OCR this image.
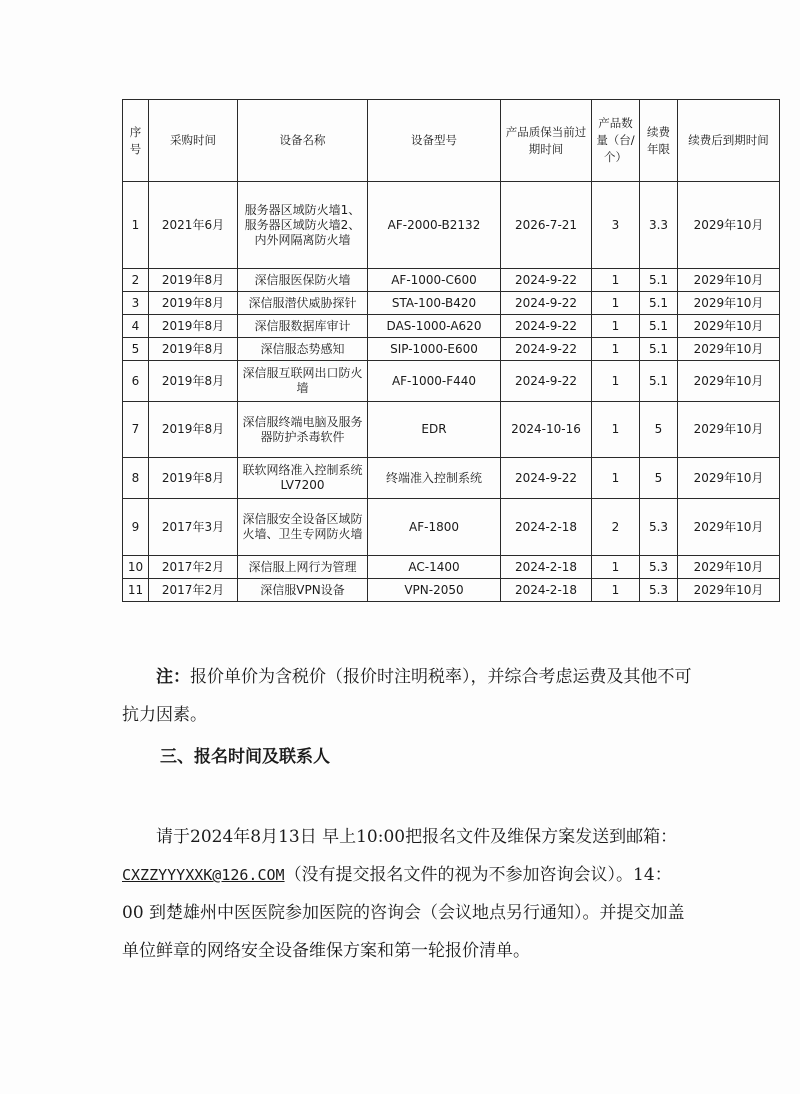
序号	采购时间	设备名称	设备型号	产品质保当前过期时间	产品数量（台/个）	续费年限	续费后到期时间
1	2021年6月	服务器区域防火墙1、服务器区域防火墙2、内外网隔离防火墙	AF-2000-B2132	2026-7-21	3	3.3	2029年10月
2	2019年8月	深信服医保防火墙	AF-1000-C600	2024-9-22	1	5.1	2029年10月
3	2019年8月	深信服潜伏威胁探针	STA-100-B420	2024-9-22	1	5.1	2029年10月
4	2019年8月	深信服数据库审计	DAS-1000-A620	2024-9-22	1	5.1	2029年10月
5	2019年8月	深信服态势感知	SIP-1000-E600	2024-9-22	1	5.1	2029年10月
6	2019年8月	深信服互联网出口防火墙	AF-1000-F440	2024-9-22	1	5.1	2029年10月
7	2019年8月	深信服终端电脑及服务器防护杀毒软件	EDR	2024-10-16	1	5	2029年10月
8	2019年8月	联软网络准入控制系统LV7200	终端准入控制系统	2024-9-22	1	5	2029年10月
9	2017年3月	深信服安全设备区域防火墙、卫生专网防火墙	AF-1800	2024-2-18	2	5.3	2029年10月
10	2017年2月	深信服上网行为管理	AC-1400	2024-2-18	1	5.3	2029年10月
11	2017年2月	深信服VPN设备	VPN-2050	2024-2-18	1	5.3	2029年10月

注：报价单价为含税价（报价时注明税率），并综合考虑运费及其他不可抗力因素。

三、报名时间及联系人

请于2024年8月13日 早上10:00把报名文件及维保方案发送到邮箱：CXZZYYYXXK@126.COM（没有提交报名文件的视为不参加咨询会议）。14：00 到楚雄州中医医院参加医院的咨询会（会议地点另行通知）。并提交加盖单位鲜章的网络安全设备维保方案和第一轮报价清单。
